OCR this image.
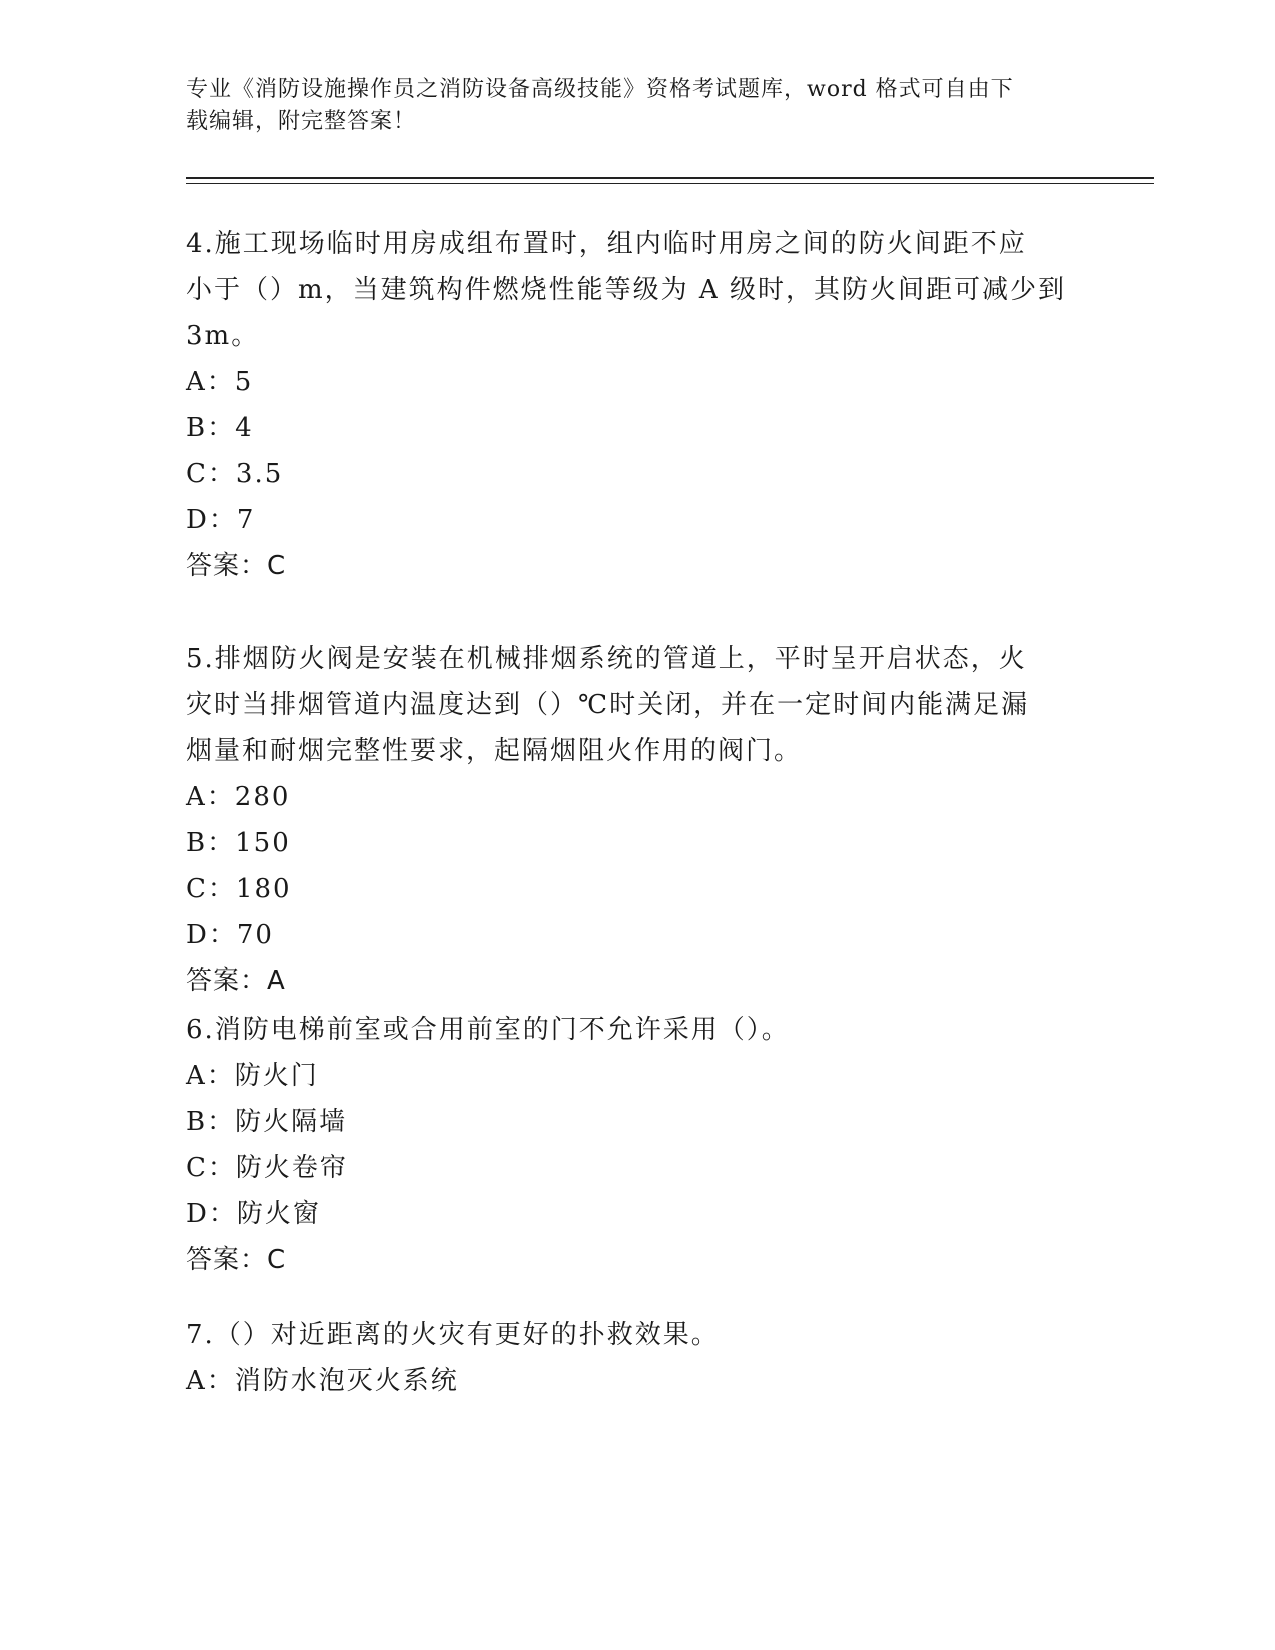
专业《消防设施操作员之消防设备高级技能》资格考试题库，word 格式可自由下
载编辑，附完整答案！

4.施工现场临时用房成组布置时，组内临时用房之间的防火间距不应

小于（）m，当建筑构件燃烧性能等级为 A 级时，其防火间距可减少到

3m。

A：5

B：4

C：3.5

D：7

答案：C

5.排烟防火阀是安装在机械排烟系统的管道上，平时呈开启状态，火

灾时当排烟管道内温度达到（）℃时关闭，并在一定时间内能满足漏

烟量和耐烟完整性要求，起隔烟阻火作用的阀门。

A：280

B：150

C：180

D：70

答案：A

6.消防电梯前室或合用前室的门不允许采用（）。

A：防火门

B：防火隔墙

C：防火卷帘

D：防火窗

答案：C

7.（）对近距离的火灾有更好的扑救效果。

A：消防水泡灭火系统
